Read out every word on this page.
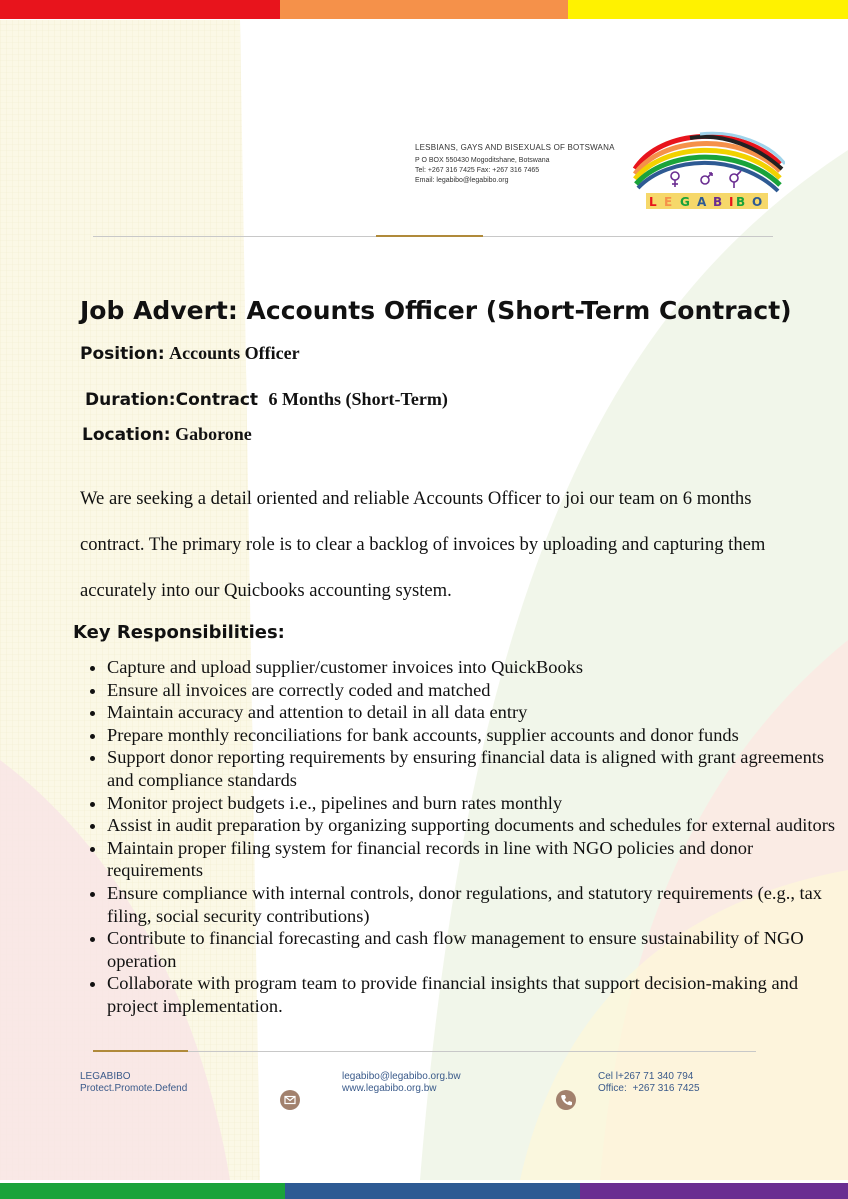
LESBIANS, GAYS AND BISEXUALS OF BOTSWANA
P O BOX 550430 Mogoditshane, Botswana
Tel: +267 316 7425 Fax: +267 316 7465
Email: legabibo@legabibo.org
L E G A B I B O
Job Advert: Accounts Officer (Short-Term Contract)
Position: Accounts Officer
Duration:Contract 6 Months (Short-Term)
Location: Gaborone
We are seeking a detail oriented and reliable Accounts Officer to joi our team on 6 months contract. The primary role is to clear a backlog of invoices by uploading and capturing them accurately into our Quicbooks accounting system.
Key Responsibilities:
• Capture and upload supplier/customer invoices into QuickBooks
• Ensure all invoices are correctly coded and matched
• Maintain accuracy and attention to detail in all data entry
• Prepare monthly reconciliations for bank accounts, supplier accounts and donor funds
• Support donor reporting requirements by ensuring financial data is aligned with grant agreements and compliance standards
• Monitor project budgets i.e., pipelines and burn rates monthly
• Assist in audit preparation by organizing supporting documents and schedules for external auditors
• Maintain proper filing system for financial records in line with NGO policies and donor requirements
• Ensure compliance with internal controls, donor regulations, and statutory requirements (e.g., tax filing, social security contributions)
• Contribute to financial forecasting and cash flow management to ensure sustainability of NGO operation
• Collaborate with program team to provide financial insights that support decision-making and project implementation.
LEGABIBO
Protect.Promote.Defend
legabibo@legabibo.org.bw
www.legabibo.org.bw
Cel l+267 71 340 794
Office: +267 316 7425
